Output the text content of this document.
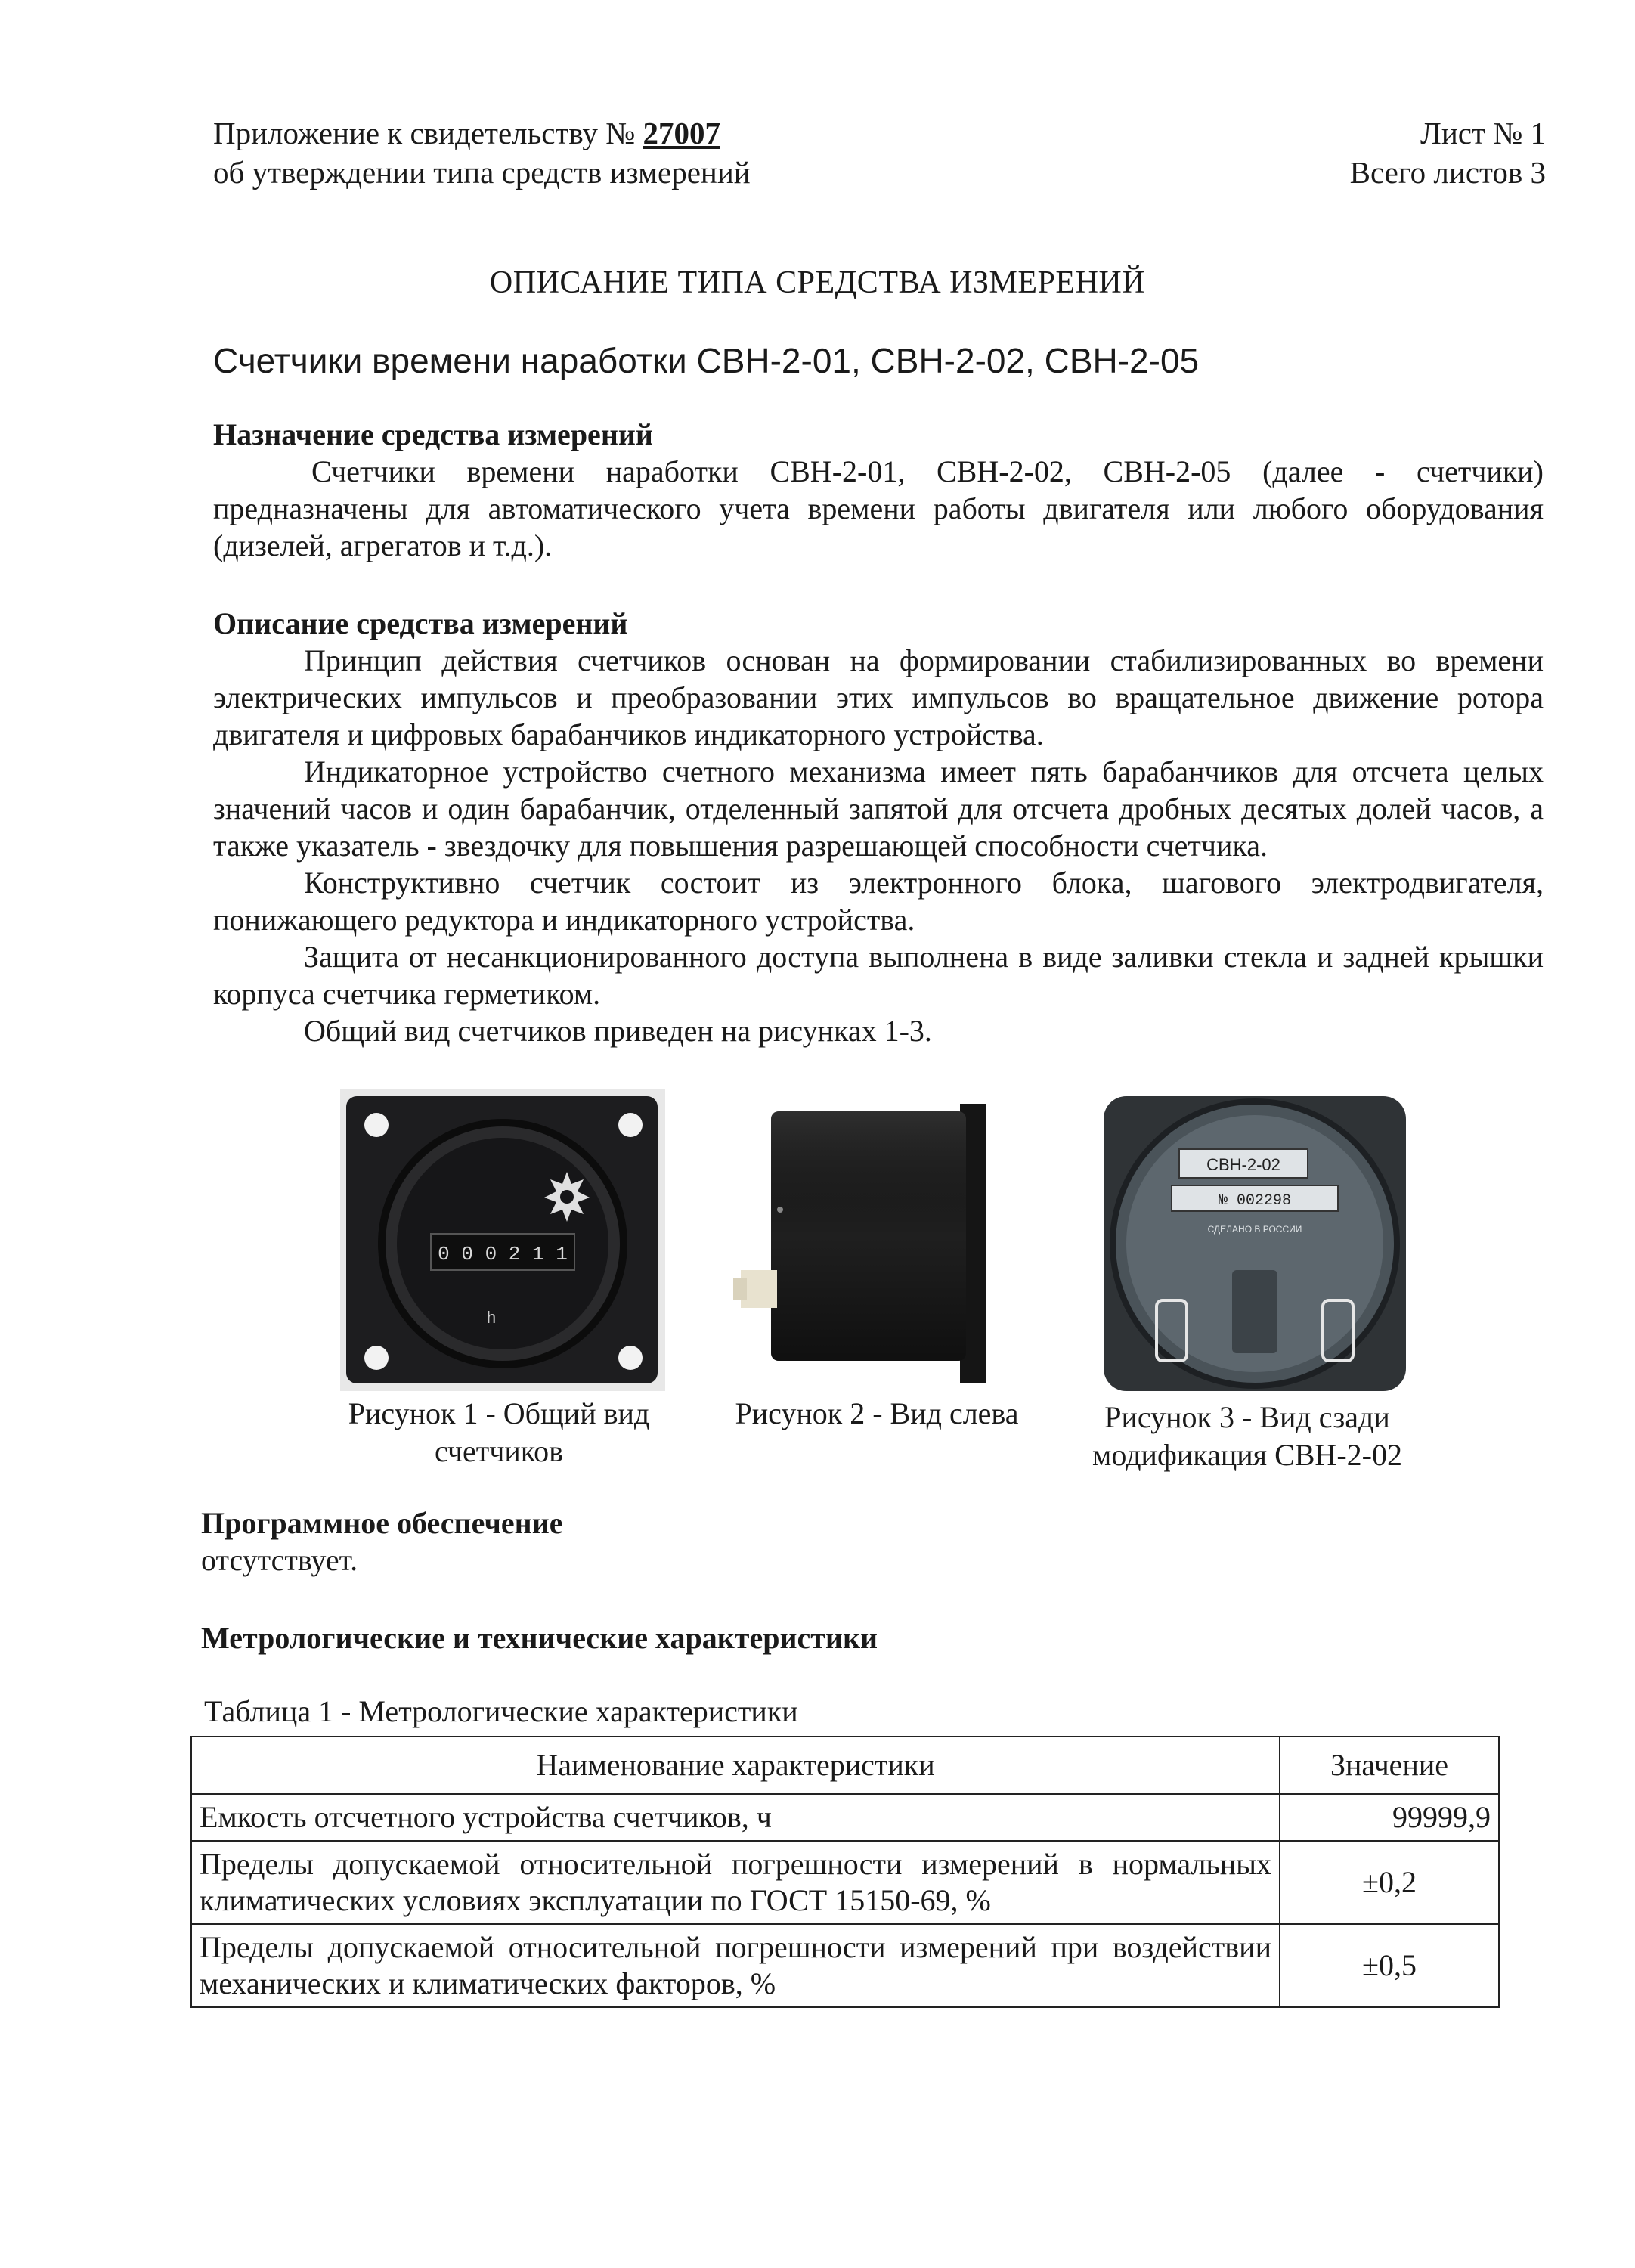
Приложение к свидетельству № 27007
об утверждении типа средств измерений
Лист № 1
Всего листов 3
ОПИСАНИЕ ТИПА СРЕДСТВА ИЗМЕРЕНИЙ
Счетчики времени наработки СВН-2-01, СВН-2-02, СВН-2-05
Назначение средства измерений

Счетчики времени наработки СВН-2-01, СВН-2-02, СВН-2-05 (далее - счетчики) предназначены для автоматического учета времени работы двигателя или любого оборудования (дизелей, агрегатов и т.д.).

Описание средства измерений

Принцип действия счетчиков основан на формировании стабилизированных во времени электрических импульсов и преобразовании этих импульсов во вращательное движение ротора двигателя и цифровых барабанчиков индикаторного устройства.

Индикаторное устройство счетного механизма имеет пять барабанчиков для отсчета целых значений часов и один барабанчик, отделенный запятой для отсчета дробных десятых долей часов, а также указатель - звездочку для повышения разрешающей способности счетчика.

Конструктивно счетчик состоит из электронного блока, шагового электродвигателя, понижающего редуктора и индикаторного устройства.

Защита от несанкционированного доступа выполнена в виде заливки стекла и задней крышки корпуса счетчика герметиком.

Общий вид счетчиков приведен на рисунках 1-3.

0 0 0 2 1 1
h
СВН-2-02
№ 002298
СДЕЛАНО В РОССИИ
Рисунок 1 - Общий вид
счетчиков
Рисунок 2 - Вид слева	Рисунок 3 - Вид сзади
модификация СВН-2-02
Программное обеспечение
отсутствует.
Метрологические и технические характеристики
Таблица 1 - Метрологические характеристики
Наименование характеристики	Значение
Емкость отсчетного устройства счетчиков, ч	99999,9
Пределы допускаемой относительной погрешности измерений в нормальных климатических условиях эксплуатации по ГОСТ 15150-69, %	±0,2
Пределы допускаемой относительной погрешности измерений при воздействии механических и климатических факторов, %	±0,5
